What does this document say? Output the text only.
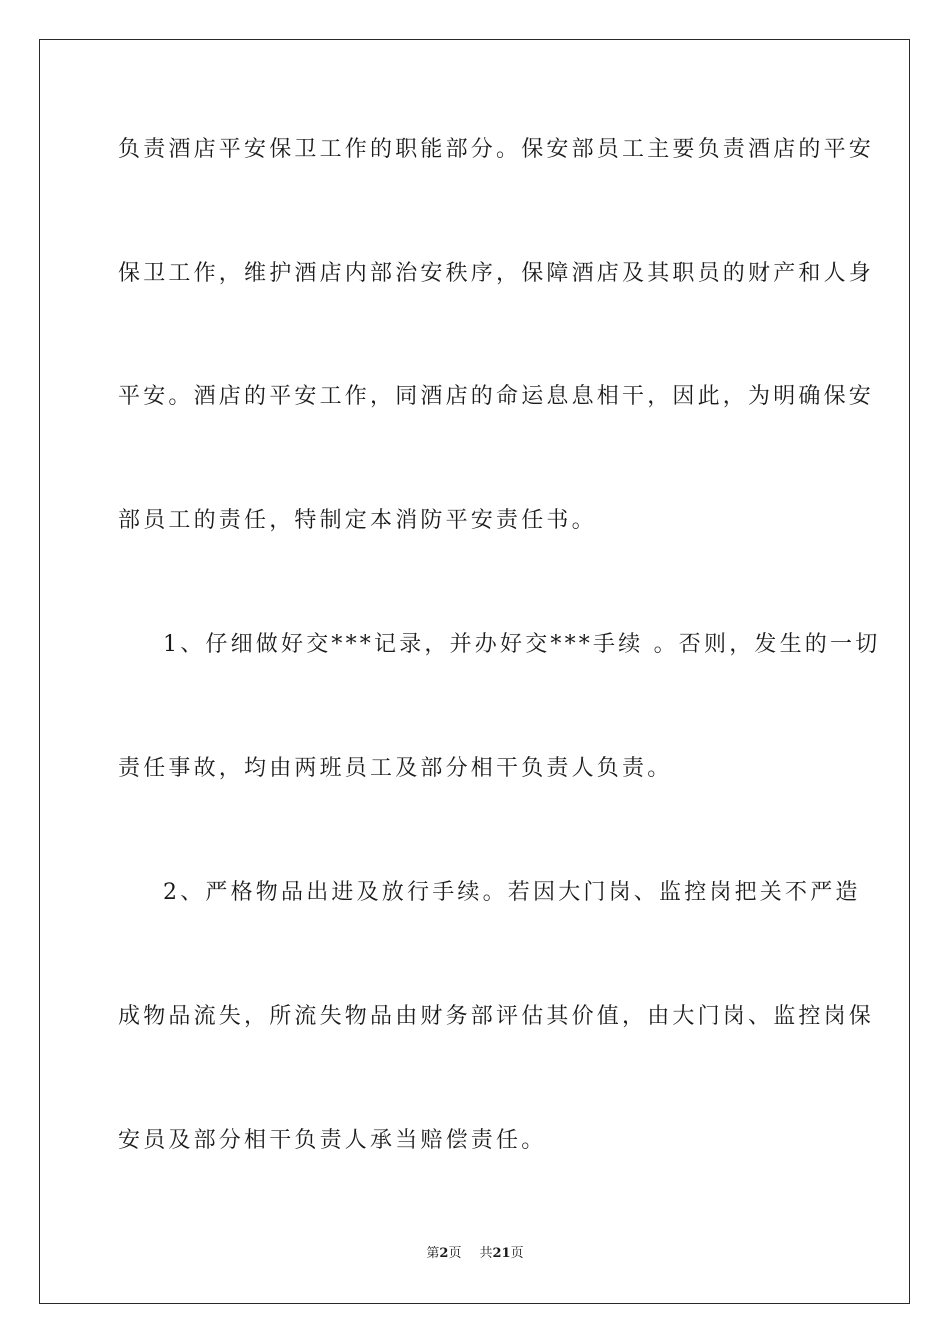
负责酒店平安保卫工作的职能部分。保安部员工主要负责酒店的平安

保卫工作，维护酒店内部治安秩序，保障酒店及其职员的财产和人身

平安。酒店的平安工作，同酒店的命运息息相干，因此，为明确保安

部员工的责任，特制定本消防平安责任书。

1、仔细做好交***记录，并办好交***手续 。否则，发生的一切

责任事故，均由两班员工及部分相干负责人负责。

2、严格物品出进及放行手续。若因大门岗、监控岗把关不严造

成物品流失，所流失物品由财务部评估其价值，由大门岗、监控岗保

安员及部分相干负责人承当赔偿责任。

第2页 共21页
